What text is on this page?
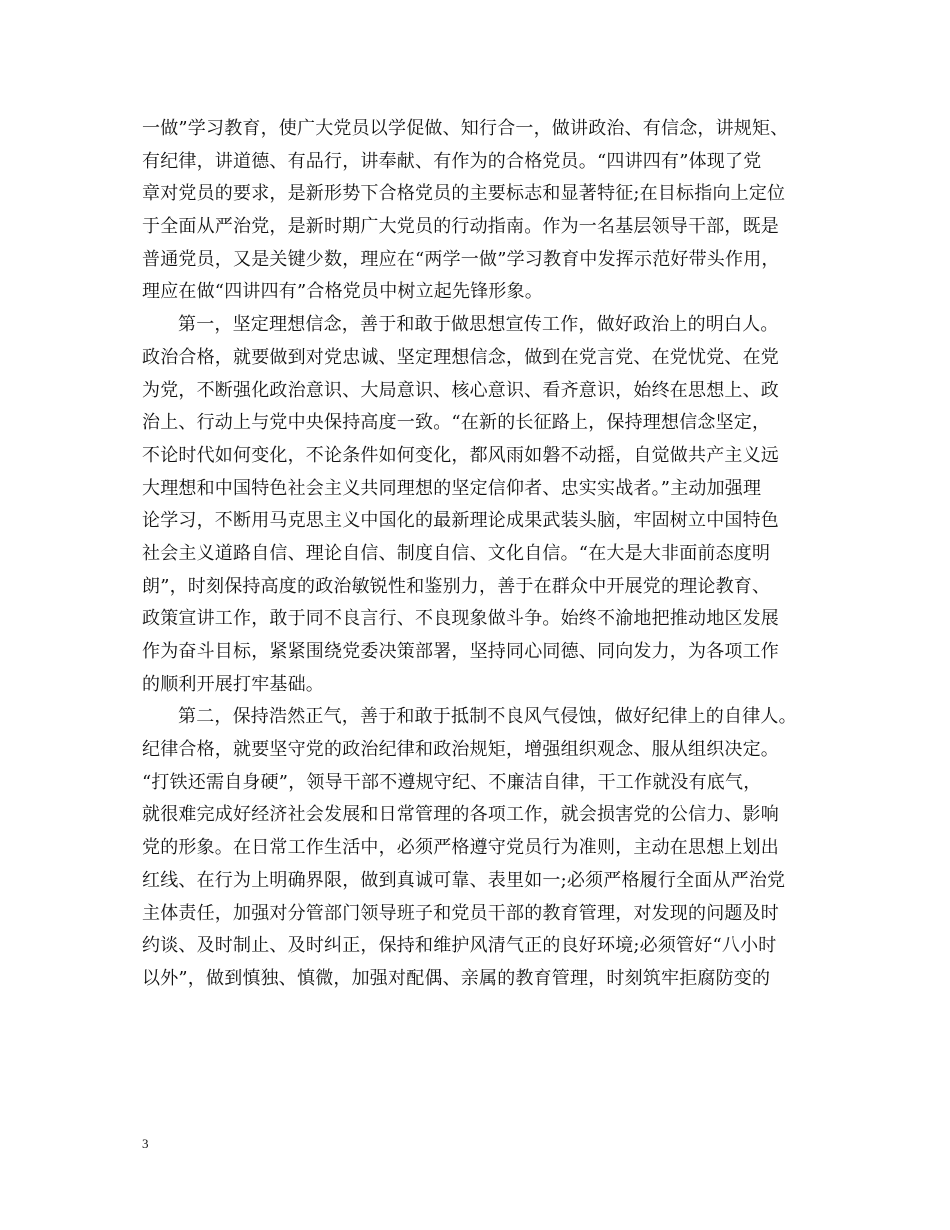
一做”学习教育，使广大党员以学促做、知行合一，做讲政治、有信念，讲规矩、
有纪律，讲道德、有品行，讲奉献、有作为的合格党员。“四讲四有”体现了党
章对党员的要求，是新形势下合格党员的主要标志和显著特征;在目标指向上定位
于全面从严治党，是新时期广大党员的行动指南。作为一名基层领导干部，既是
普通党员，又是关键少数，理应在“两学一做”学习教育中发挥示范好带头作用，
理应在做“四讲四有”合格党员中树立起先锋形象。
第一，坚定理想信念，善于和敢于做思想宣传工作，做好政治上的明白人。
政治合格，就要做到对党忠诚、坚定理想信念，做到在党言党、在党忧党、在党
为党，不断强化政治意识、大局意识、核心意识、看齐意识，始终在思想上、政
治上、行动上与党中央保持高度一致。“在新的长征路上，保持理想信念坚定，
不论时代如何变化，不论条件如何变化，都风雨如磐不动摇，自觉做共产主义远
大理想和中国特色社会主义共同理想的坚定信仰者、忠实实战者。”主动加强理
论学习，不断用马克思主义中国化的最新理论成果武装头脑，牢固树立中国特色
社会主义道路自信、理论自信、制度自信、文化自信。“在大是大非面前态度明
朗”，时刻保持高度的政治敏锐性和鉴别力，善于在群众中开展党的理论教育、
政策宣讲工作，敢于同不良言行、不良现象做斗争。始终不渝地把推动地区发展
作为奋斗目标，紧紧围绕党委决策部署，坚持同心同德、同向发力，为各项工作
的顺利开展打牢基础。
第二，保持浩然正气，善于和敢于抵制不良风气侵蚀，做好纪律上的自律人。
纪律合格，就要坚守党的政治纪律和政治规矩，增强组织观念、服从组织决定。
“打铁还需自身硬”，领导干部不遵规守纪、不廉洁自律，干工作就没有底气，
就很难完成好经济社会发展和日常管理的各项工作，就会损害党的公信力、影响
党的形象。在日常工作生活中，必须严格遵守党员行为准则，主动在思想上划出
红线、在行为上明确界限，做到真诚可靠、表里如一;必须严格履行全面从严治党
主体责任，加强对分管部门领导班子和党员干部的教育管理，对发现的问题及时
约谈、及时制止、及时纠正，保持和维护风清气正的良好环境;必须管好“八小时
以外”，做到慎独、慎微，加强对配偶、亲属的教育管理，时刻筑牢拒腐防变的
3
